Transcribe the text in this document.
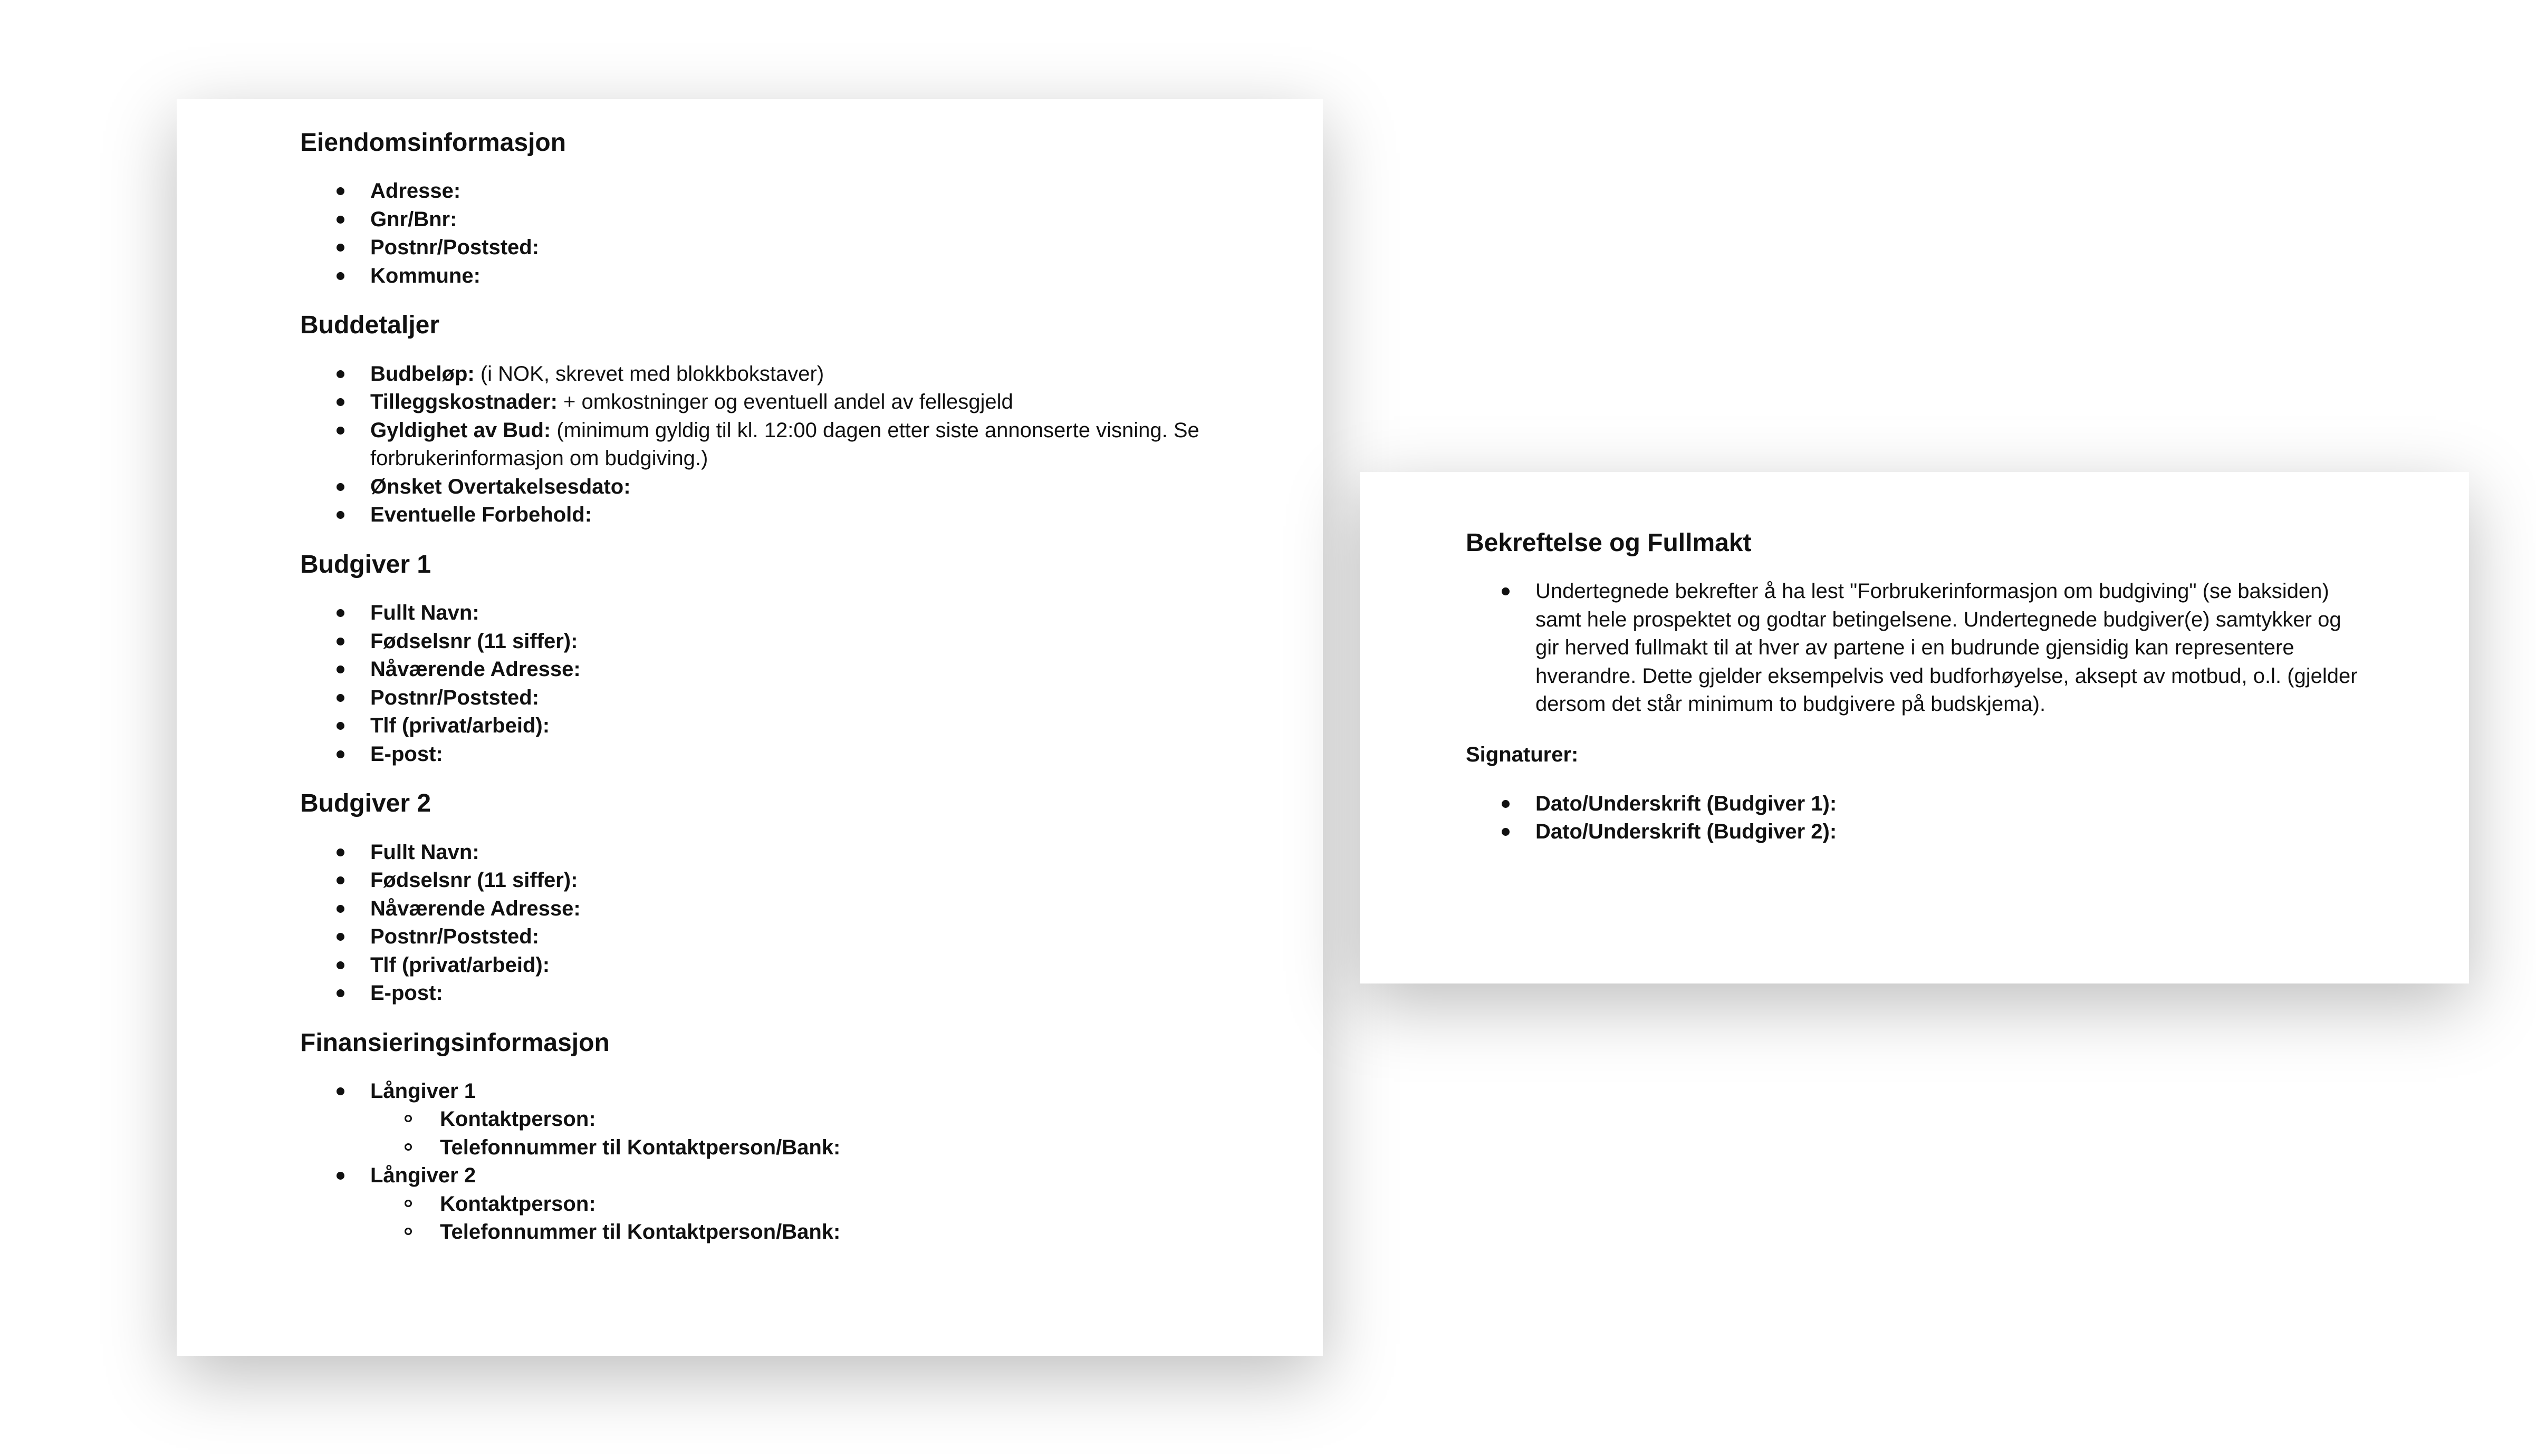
Eiendomsinformasjon
Adresse:
Gnr/Bnr:
Postnr/Poststed:
Kommune:
Buddetaljer
Budbeløp: (i NOK, skrevet med blokkbokstaver)
Tilleggskostnader: + omkostninger og eventuell andel av fellesgjeld
Gyldighet av Bud: (minimum gyldig til kl. 12:00 dagen etter siste annonserte visning. Se forbrukerinformasjon om budgiving.)
Ønsket Overtakelsesdato:
Eventuelle Forbehold:
Budgiver 1
Fullt Navn:
Fødselsnr (11 siffer):
Nåværende Adresse:
Postnr/Poststed:
Tlf (privat/arbeid):
E-post:
Budgiver 2
Fullt Navn:
Fødselsnr (11 siffer):
Nåværende Adresse:
Postnr/Poststed:
Tlf (privat/arbeid):
E-post:
Finansieringsinformasjon
Långiver 1
Kontaktperson:
Telefonnummer til Kontaktperson/Bank:
Långiver 2
Kontaktperson:
Telefonnummer til Kontaktperson/Bank:
Bekreftelse og Fullmakt
Undertegnede bekrefter å ha lest "Forbrukerinformasjon om budgiving" (se baksiden) samt hele prospektet og godtar betingelsene. Undertegnede budgiver(e) samtykker og gir herved fullmakt til at hver av partene i en budrunde gjensidig kan representere hverandre. Dette gjelder eksempelvis ved budforhøyelse, aksept av motbud, o.l. (gjelder dersom det står minimum to budgivere på budskjema).
Signaturer:
Dato/Underskrift (Budgiver 1):
Dato/Underskrift (Budgiver 2):
